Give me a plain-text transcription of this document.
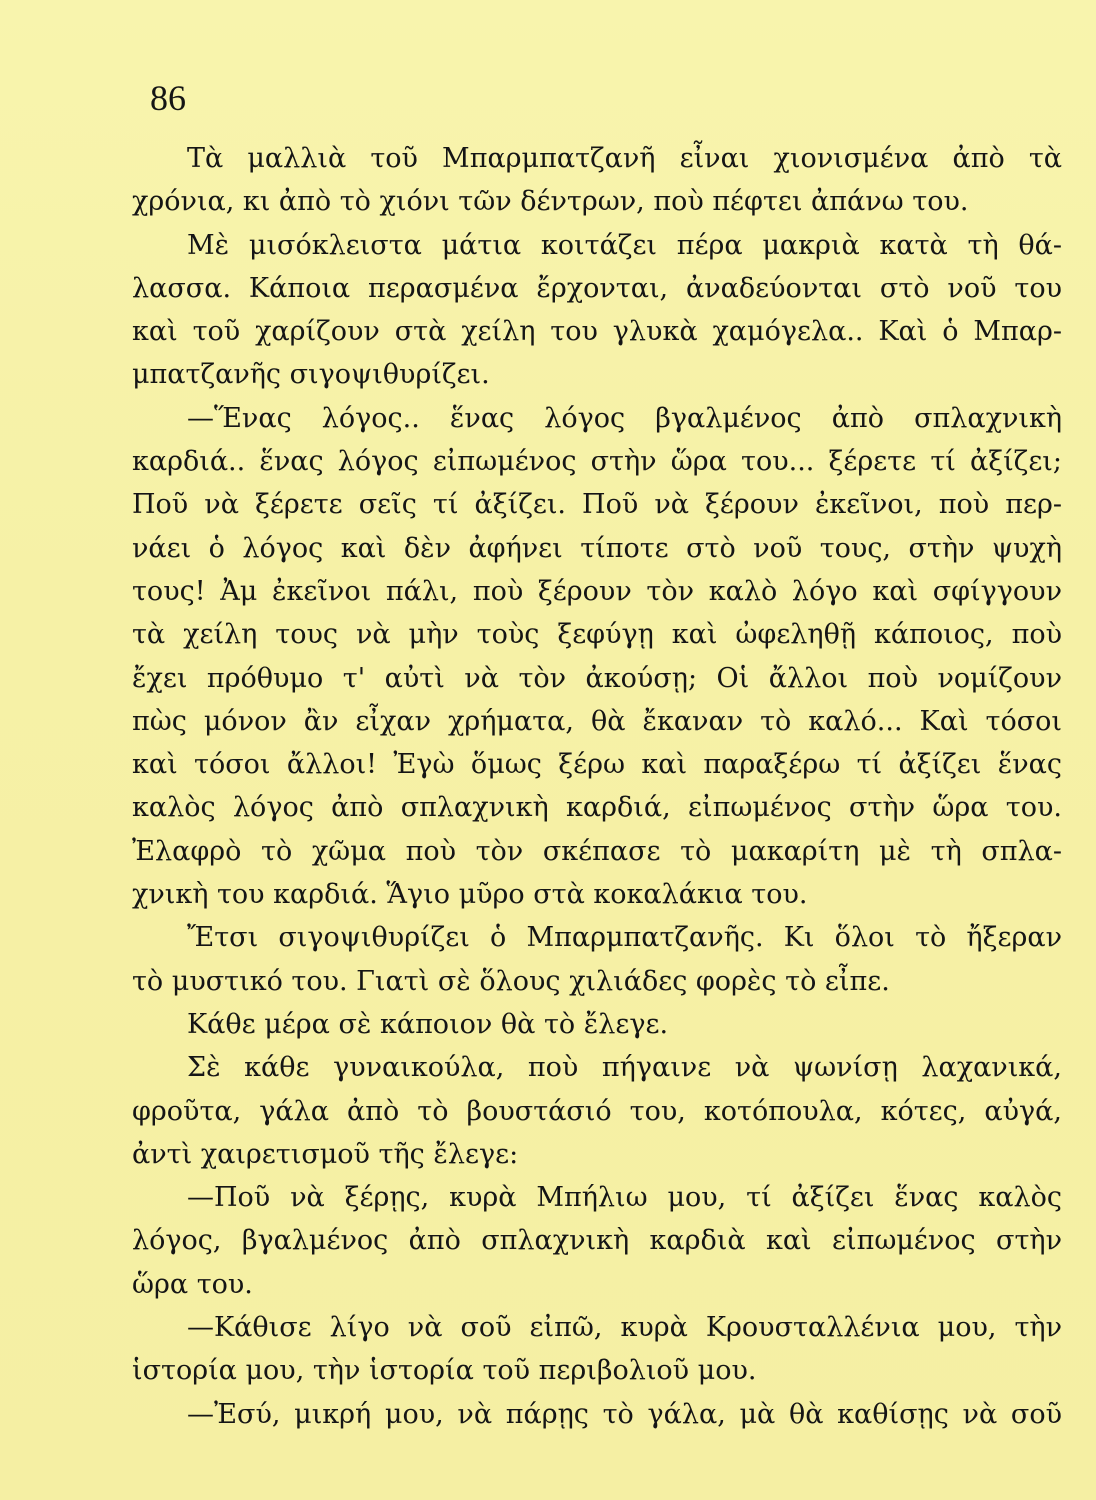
86
Τὰ μαλλιὰ τοῦ Μπαρμπατζανῆ εἶναι χιονισμένα ἀπὸ τὰ
χρόνια, κι ἀπὸ τὸ χιόνι τῶν δέντρων, ποὺ πέφτει ἀπάνω του.
Μὲ μισόκλειστα μάτια κοιτάζει πέρα μακριὰ κατὰ τὴ θά-
λασσα. Κάποια περασμένα ἔρχονται, ἀναδεύονται στὸ νοῦ του
καὶ τοῦ χαρίζουν στὰ χείλη του γλυκὰ χαμόγελα.. Καὶ ὁ Μπαρ-
μπατζανῆς σιγοψιθυρίζει.
—Ἕνας λόγος.. ἕνας λόγος βγαλμένος ἀπὸ σπλαχνικὴ
καρδιά.. ἕνας λόγος εἰπωμένος στὴν ὥρα του... ξέρετε τί ἀξίζει;
Ποῦ νὰ ξέρετε σεῖς τί ἀξίζει. Ποῦ νὰ ξέρουν ἐκεῖνοι, ποὺ περ-
νάει ὁ λόγος καὶ δὲν ἀφήνει τίποτε στὸ νοῦ τους, στὴν ψυχὴ
τους! Ἀμ ἐκεῖνοι πάλι, ποὺ ξέρουν τὸν καλὸ λόγο καὶ σφίγγουν
τὰ χείλη τους νὰ μὴν τοὺς ξεφύγῃ καὶ ὠφεληθῇ κάποιος, ποὺ
ἔχει πρόθυμο τ' αὐτὶ νὰ τὸν ἀκούσῃ; Οἱ ἄλλοι ποὺ νομίζουν
πὼς μόνον ἂν εἶχαν χρήματα, θὰ ἔκαναν τὸ καλό... Καὶ τόσοι
καὶ τόσοι ἄλλοι! Ἐγὼ ὅμως ξέρω καὶ παραξέρω τί ἀξίζει ἕνας
καλὸς λόγος ἀπὸ σπλαχνικὴ καρδιά, εἰπωμένος στὴν ὥρα του.
Ἐλαφρὸ τὸ χῶμα ποὺ τὸν σκέπασε τὸ μακαρίτη μὲ τὴ σπλα-
χνικὴ του καρδιά. Ἅγιο μῦρο στὰ κοκαλάκια του.
Ἔτσι σιγοψιθυρίζει ὁ Μπαρμπατζανῆς. Κι ὅλοι τὸ ἤξεραν
τὸ μυστικό του. Γιατὶ σὲ ὅλους χιλιάδες φορὲς τὸ εἶπε.
Κάθε μέρα σὲ κάποιον θὰ τὸ ἔλεγε.
Σὲ κάθε γυναικούλα, ποὺ πήγαινε νὰ ψωνίσῃ λαχανικά,
φροῦτα, γάλα ἀπὸ τὸ βουστάσιό του, κοτόπουλα, κότες, αὐγά,
ἀντὶ χαιρετισμοῦ τῆς ἔλεγε:
—Ποῦ νὰ ξέρῃς, κυρὰ Μπήλιω μου, τί ἀξίζει ἕνας καλὸς
λόγος, βγαλμένος ἀπὸ σπλαχνικὴ καρδιὰ καὶ εἰπωμένος στὴν
ὥρα του.
—Κάθισε λίγο νὰ σοῦ εἰπῶ, κυρὰ Κρουσταλλένια μου, τὴν
ἱστορία μου, τὴν ἱστορία τοῦ περιβολιοῦ μου.
—Ἐσύ, μικρή μου, νὰ πάρῃς τὸ γάλα, μὰ θὰ καθίσῃς νὰ σοῦ
